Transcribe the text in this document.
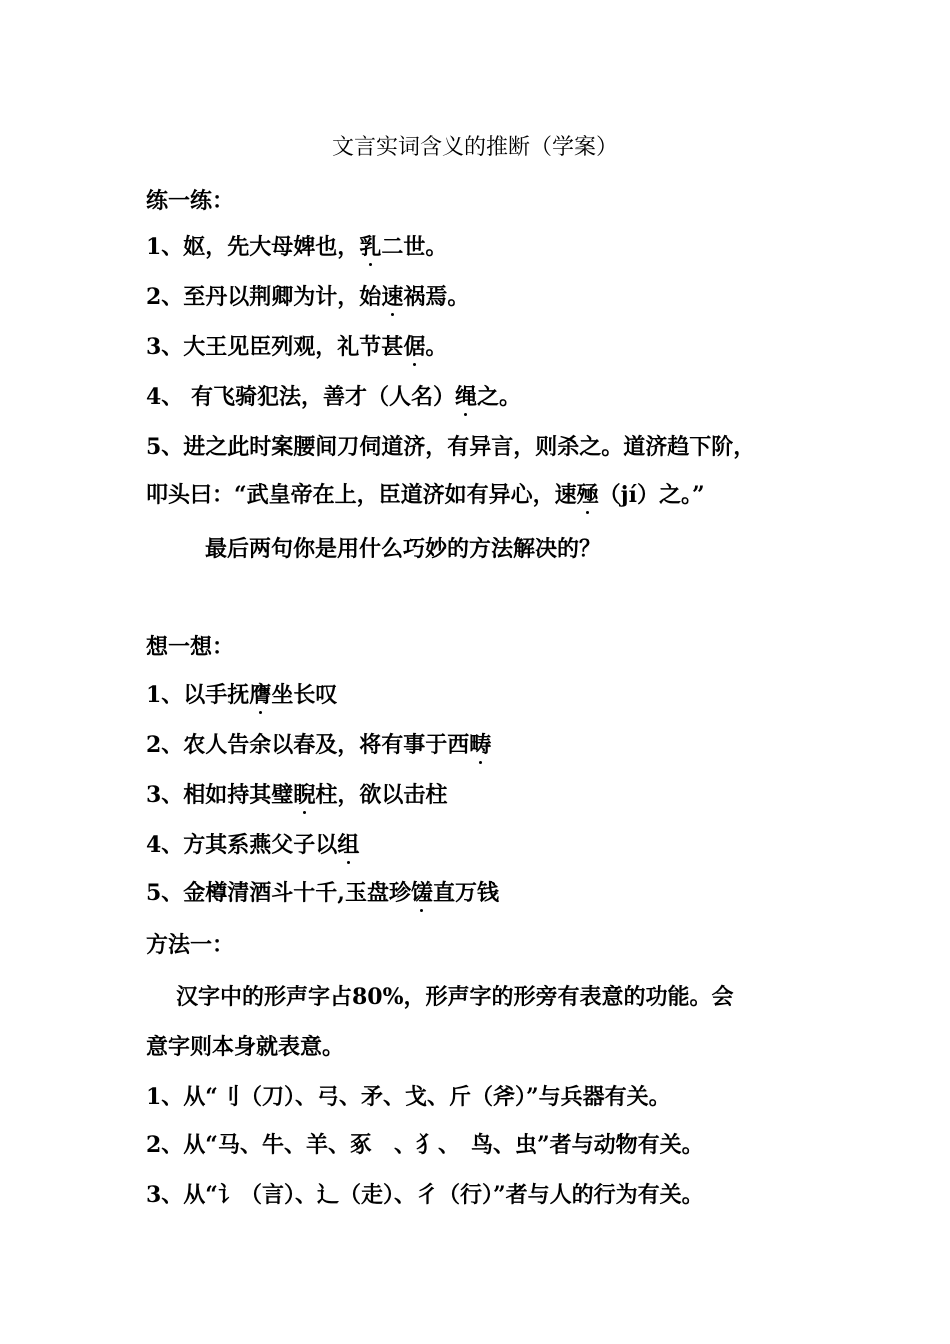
文言实词含义的推断（学案）
练一练：
1、妪，先大母婢也，乳二世。
2、至丹以荆卿为计，始速祸焉。
3、大王见臣列观，礼节甚倨。
4、 有飞骑犯法，善才（人名）绳之。
5、进之此时案腰间刀伺道济，有异言，则杀之。道济趋下阶，
叩头曰：“武皇帝在上，臣道济如有异心，速殛（jí）之。”
最后两句你是用什么巧妙的方法解决的？
想一想：
1、以手抚膺坐长叹
2、农人告余以春及，将有事于西畴
3、相如持其璧睨柱，欲以击柱
4、方其系燕父子以组
5、金樽清酒斗十千,玉盘珍馐直万钱
方法一：
汉字中的形声字占80%，形声字的形旁有表意的功能。会
意字则本身就表意。
1、从“刂（刀）、弓、矛、戈、斤（斧）”与兵器有关。
2、从“马、牛、羊、豖　、犭、　鸟、虫”者与动物有关。
3、从“讠（言）、辶（走）、彳（行）”者与人的行为有关。
